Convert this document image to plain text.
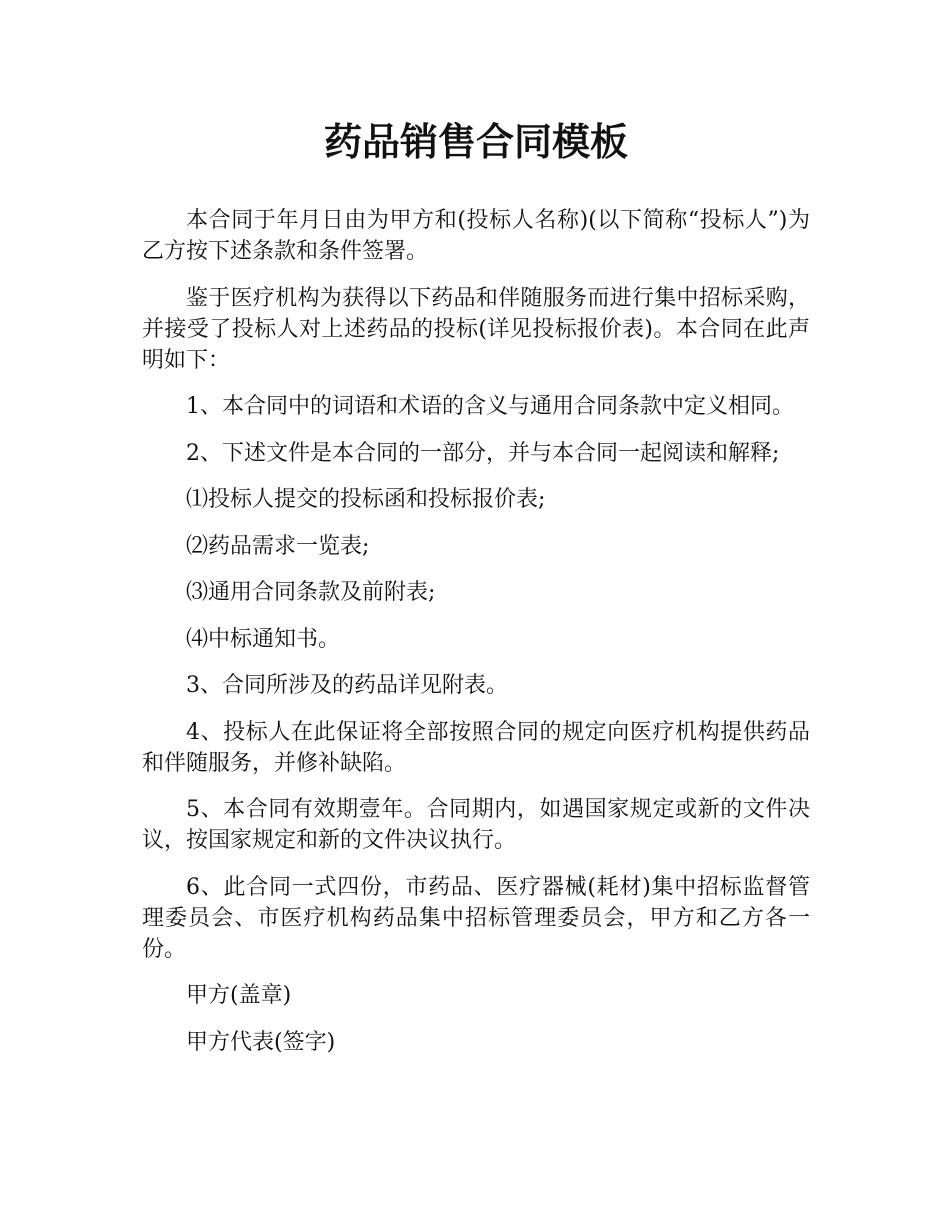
药品销售合同模板

本合同于年月日由为甲方和(投标人名称)(以下简称“投标人”)为乙方按下述条款和条件签署。

鉴于医疗机构为获得以下药品和伴随服务而进行集中招标采购，并接受了投标人对上述药品的投标(详见投标报价表)。本合同在此声明如下：

1、本合同中的词语和术语的含义与通用合同条款中定义相同。

2、下述文件是本合同的一部分，并与本合同一起阅读和解释;

⑴投标人提交的投标函和投标报价表;

⑵药品需求一览表;

⑶通用合同条款及前附表;

⑷中标通知书。

3、合同所涉及的药品详见附表。

4、投标人在此保证将全部按照合同的规定向医疗机构提供药品和伴随服务，并修补缺陷。

5、本合同有效期壹年。合同期内，如遇国家规定或新的文件决议，按国家规定和新的文件决议执行。

6、此合同一式四份，市药品、医疗器械(耗材)集中招标监督管理委员会、市医疗机构药品集中招标管理委员会，甲方和乙方各一份。

甲方(盖章)

甲方代表(签字)
